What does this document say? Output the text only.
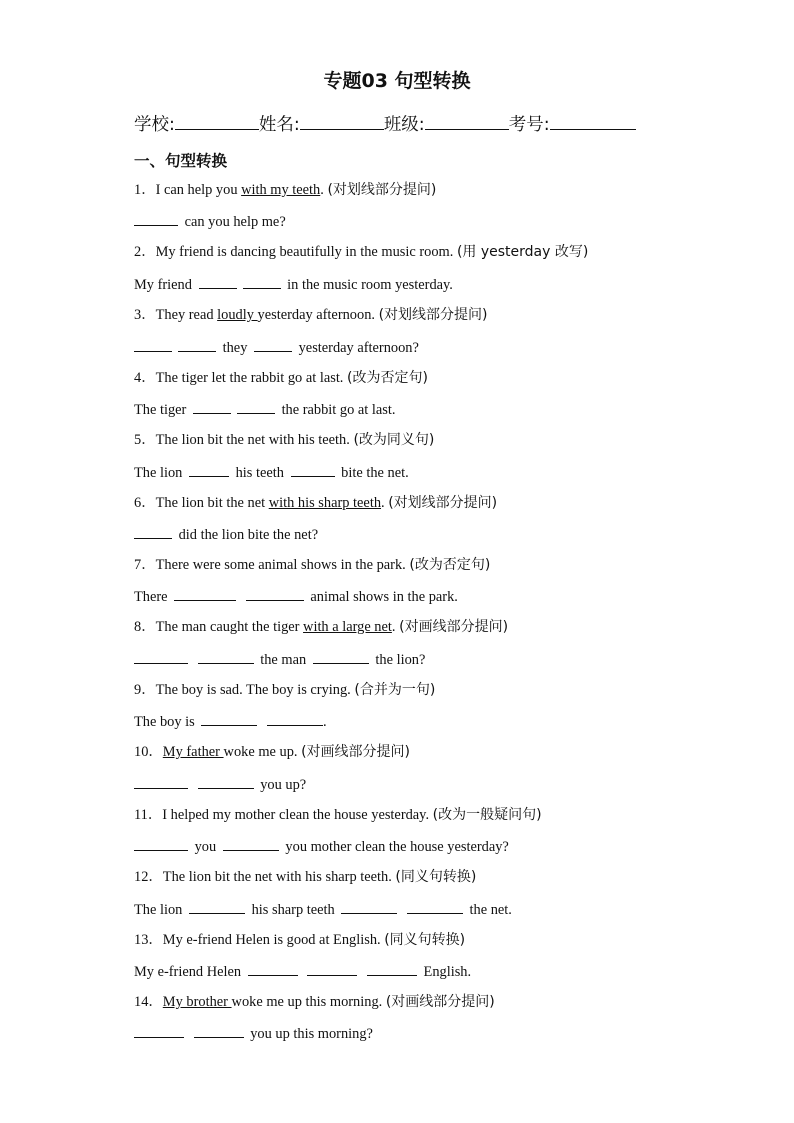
专题03 句型转换
学校:	姓名:	班级:	考号:
一、句型转换
1．I can help you with my teeth. (对划线部分提问)
can you help me?
2．My friend is dancing beautifully in the music room. (用 yesterday 改写)
My friend	in the music room yesterday.
3．They read loudly yesterday afternoon. (对划线部分提问)
they	yesterday afternoon?
4．The tiger let the rabbit go at last. (改为否定句)
The tiger	the rabbit go at last.
5．The lion bit the net with his teeth. (改为同义句)
The lion	his teeth	bite the net.
6．The lion bit the net with his sharp teeth. (对划线部分提问)
did the lion bite the net?
7．There were some animal shows in the park. (改为否定句)
There	animal shows in the park.
8．The man caught the tiger with a large net. (对画线部分提问)
the man	the lion?
9．The boy is sad. The boy is crying. (合并为一句)
The boy is	.
10．My father woke me up. (对画线部分提问)
you up?
11．I helped my mother clean the house yesterday. (改为一般疑问句)
you	you mother clean the house yesterday?
12．The lion bit the net with his sharp teeth. (同义句转换)
The lion	his sharp teeth	the net.
13．My e-friend Helen is good at English. (同义句转换)
My e-friend Helen	English.
14．My brother woke me up this morning. (对画线部分提问)
you up this morning?
